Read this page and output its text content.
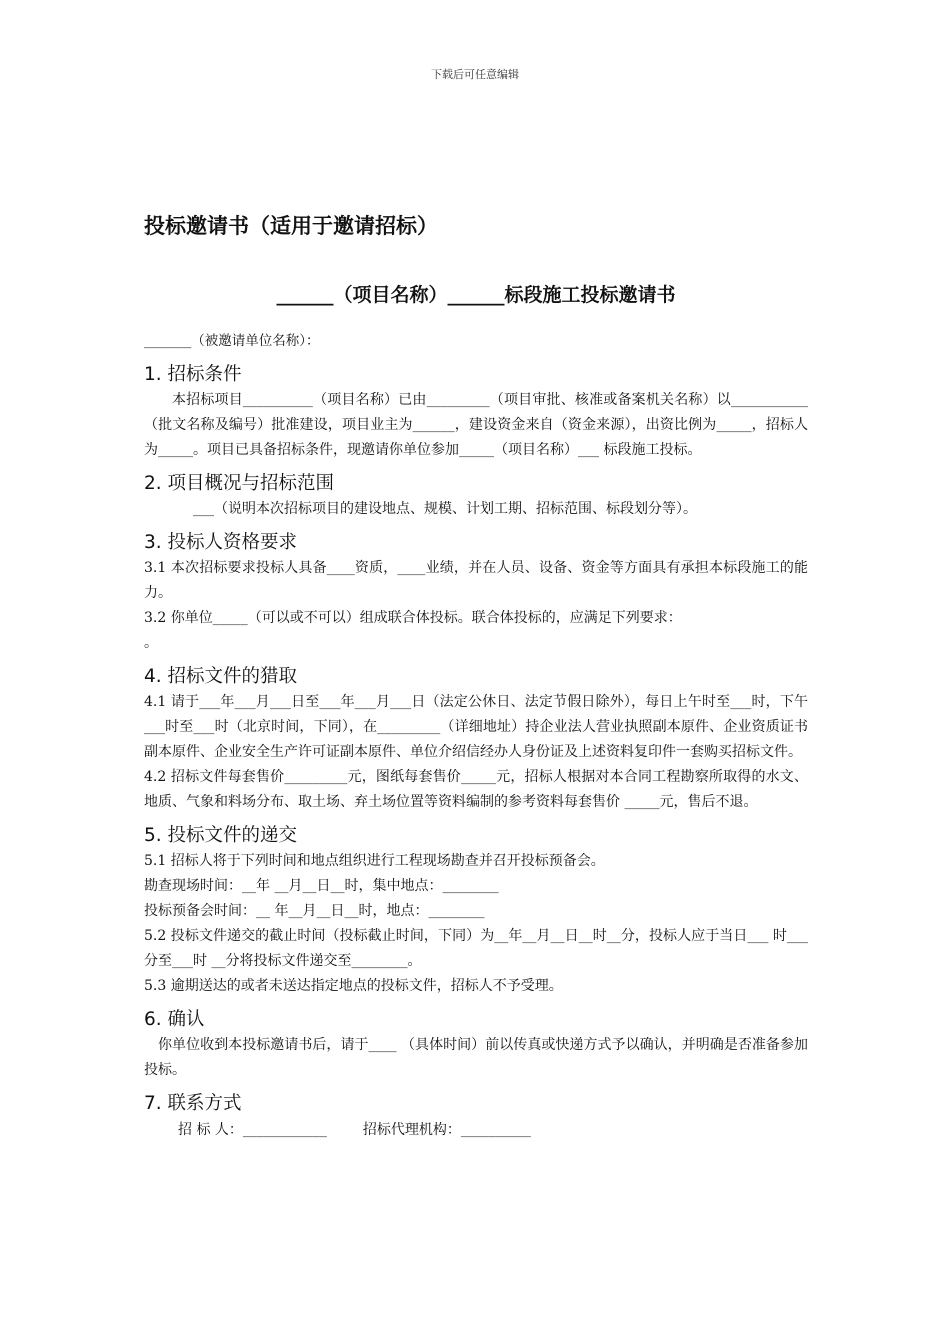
下载后可任意编辑
投标邀请书（适用于邀请招标）
______（项目名称）______标段施工投标邀请书

_______（被邀请单位名称）：

1. 招标条件

本招标项目__________（项目名称）已由_________（项目审批、核准或备案机关名称）以___________（批文名称及编号）批准建设，项目业主为______，建设资金来自（资金来源），出资比例为_____，招标人为_____。项目已具备招标条件，现邀请你单位参加_____（项目名称）___ 标段施工投标。

2. 项目概况与招标范围

___（说明本次招标项目的建设地点、规模、计划工期、招标范围、标段划分等）。

3. 投标人资格要求

3.1 本次招标要求投标人具备____资质，____业绩，并在人员、设备、资金等方面具有承担本标段施工的能力。

3.2 你单位_____（可以或不可以）组成联合体投标。联合体投标的，应满足下列要求：

。

4. 招标文件的猎取

4.1 请于___年___月___日至___年___月___日（法定公休日、法定节假日除外），每日上午时至___时，下午___时至___时（北京时间，下同），在_________（详细地址）持企业法人营业执照副本原件、企业资质证书副本原件、企业安全生产许可证副本原件、单位介绍信经办人身份证及上述资料复印件一套购买招标文件。

4.2 招标文件每套售价_________元，图纸每套售价_____元，招标人根据对本合同工程勘察所取得的水文、地质、气象和料场分布、取土场、弃土场位置等资料编制的参考资料每套售价 _____元，售后不退。

5. 投标文件的递交

5.1 招标人将于下列时间和地点组织进行工程现场勘查并召开投标预备会。

勘查现场时间：__年 __月__日__时，集中地点：________

投标预备会时间：__ 年__月__日__时，地点：________

5.2 投标文件递交的截止时间（投标截止时间，下同）为__年__月__日__时__分，投标人应于当日___ 时___分至___时 __分将投标文件递交至________。

5.3 逾期送达的或者未送达指定地点的投标文件，招标人不予受理。

6. 确认

你单位收到本投标邀请书后，请于____ （具体时间）前以传真或快递方式予以确认，并明确是否准备参加投标。

7. 联系方式
招 标 人：____________	招标代理机构：__________
